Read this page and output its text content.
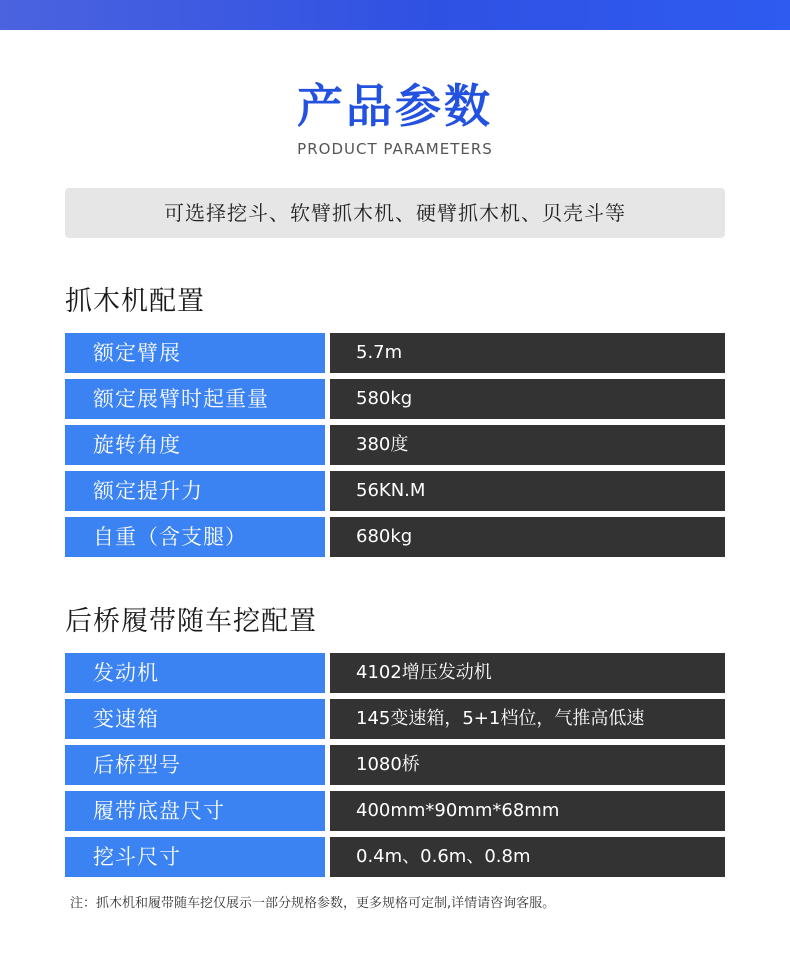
产品参数
PRODUCT PARAMETERS
可选择挖斗、软臂抓木机、硬臂抓木机、贝壳斗等
抓木机配置
额定臂展	5.7m
额定展臂时起重量	580kg
旋转角度	380度
额定提升力	56KN.M
自重（含支腿）	680kg
后桥履带随车挖配置
发动机	4102增压发动机
变速箱	145变速箱，5+1档位，气推高低速
后桥型号	1080桥
履带底盘尺寸	400mm*90mm*68mm
挖斗尺寸	0.4m、0.6m、0.8m
注：抓木机和履带随车挖仅展示一部分规格参数，更多规格可定制,详情请咨询客服。
